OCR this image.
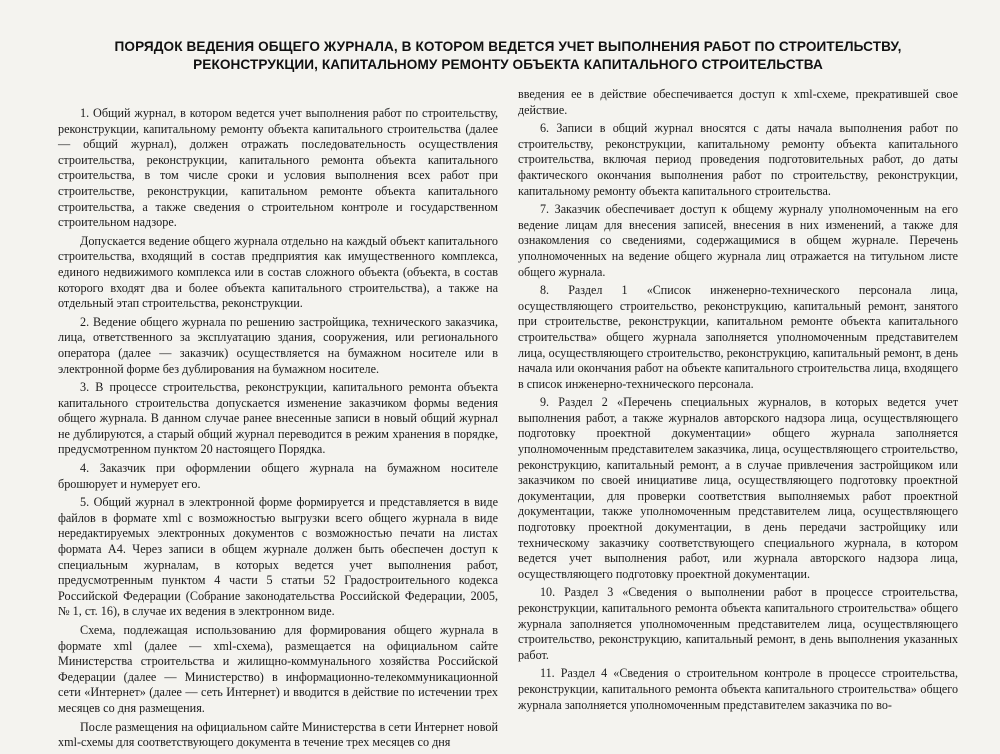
ПОРЯДОК ВЕДЕНИЯ ОБЩЕГО ЖУРНАЛА, В КОТОРОМ ВЕДЕТСЯ УЧЕТ ВЫПОЛНЕНИЯ РАБОТ ПО СТРОИТЕЛЬСТВУ,
РЕКОНСТРУКЦИИ, КАПИТАЛЬНОМУ РЕМОНТУ ОБЪЕКТА КАПИТАЛЬНОГО СТРОИТЕЛЬСТВА

1. Общий журнал, в котором ведется учет выполнения работ по строительству, реконструкции, капитальному ремонту объекта капитального строительства (далее — общий журнал), должен отражать последовательность осуществления строительства, реконструкции, капитального ремонта объекта капитального строительства, в том числе сроки и условия выполнения всех работ при строительстве, реконструкции, капитальном ремонте объекта капитального строительства, а также сведения о строительном контроле и государственном строительном надзоре.

Допускается ведение общего журнала отдельно на каждый объект капитального строительства, входящий в состав предприятия как имущественного комплекса, единого недвижимого комплекса или в состав сложного объекта (объекта, в состав которого входят два и более объекта капитального строительства), а также на отдельный этап строительства, реконструкции.

2. Ведение общего журнала по решению застройщика, технического заказчика, лица, ответственного за эксплуатацию здания, сооружения, или регионального оператора (далее — заказчик) осуществляется на бумажном носителе или в электронной форме без дублирования на бумажном носителе.

3. В процессе строительства, реконструкции, капитального ремонта объекта капитального строительства допускается изменение заказчиком формы ведения общего журнала. В данном случае ранее внесенные записи в новый общий журнал не дублируются, а старый общий журнал переводится в режим хранения в порядке, предусмотренном пунктом 20 настоящего Порядка.

4. Заказчик при оформлении общего журнала на бумажном носителе брошюрует и нумерует его.

5. Общий журнал в электронной форме формируется и представляется в виде файлов в формате xml с возможностью выгрузки всего общего журнала в виде нередактируемых электронных документов с возможностью печати на листах формата А4. Через записи в общем журнале должен быть обеспечен доступ к специальным журналам, в которых ведется учет выполнения работ, предусмотренным пунктом 4 части 5 статьи 52 Градостроительного кодекса Российской Федерации (Собрание законодательства Российской Федерации, 2005, № 1, ст. 16), в случае их ведения в электронном виде.

Схема, подлежащая использованию для формирования общего журнала в формате xml (далее — xml-схема), размещается на официальном сайте Министерства строительства и жилищно-коммунального хозяйства Российской Федерации (далее — Министерство) в информационно-телекоммуникационной сети «Интернет» (далее — сеть Интернет) и вводится в действие по истечении трех месяцев со дня размещения.

После размещения на официальном сайте Министерства в сети Интернет новой xml-схемы для соответствующего документа в течение трех месяцев со дня

введения ее в действие обеспечивается доступ к xml-схеме, прекратившей свое действие.

6. Записи в общий журнал вносятся с даты начала выполнения работ по строительству, реконструкции, капитальному ремонту объекта капитального строительства, включая период проведения подготовительных работ, до даты фактического окончания выполнения работ по строительству, реконструкции, капитальному ремонту объекта капитального строительства.

7. Заказчик обеспечивает доступ к общему журналу уполномоченным на его ведение лицам для внесения записей, внесения в них изменений, а также для ознакомления со сведениями, содержащимися в общем журнале. Перечень уполномоченных на ведение общего журнала лиц отражается на титульном листе общего журнала.

8. Раздел 1 «Список инженерно-технического персонала лица, осуществляющего строительство, реконструкцию, капитальный ремонт, занятого при строительстве, реконструкции, капитальном ремонте объекта капитального строительства» общего журнала заполняется уполномоченным представителем лица, осуществляющего строительство, реконструкцию, капитальный ремонт, в день начала или окончания работ на объекте капитального строительства лица, входящего в список инженерно-технического персонала.

9. Раздел 2 «Перечень специальных журналов, в которых ведется учет выполнения работ, а также журналов авторского надзора лица, осуществляющего подготовку проектной документации» общего журнала заполняется уполномоченным представителем заказчика, лица, осуществляющего строительство, реконструкцию, капитальный ремонт, а в случае привлечения застройщиком или заказчиком по своей инициативе лица, осуществляющего подготовку проектной документации, для проверки соответствия выполняемых работ проектной документации, также уполномоченным представителем лица, осуществляющего подготовку проектной документации, в день передачи застройщику или техническому заказчику соответствующего специального журнала, в котором ведется учет выполнения работ, или журнала авторского надзора лица, осуществляющего подготовку проектной документации.

10. Раздел 3 «Сведения о выполнении работ в процессе строительства, реконструкции, капитального ремонта объекта капитального строительства» общего журнала заполняется уполномоченным представителем лица, осуществляющего строительство, реконструкцию, капитальный ремонт, в день выполнения указанных работ.

11. Раздел 4 «Сведения о строительном контроле в процессе строительства, реконструкции, капитального ремонта объекта капитального строительства» общего журнала заполняется уполномоченным представителем заказчика по во-
